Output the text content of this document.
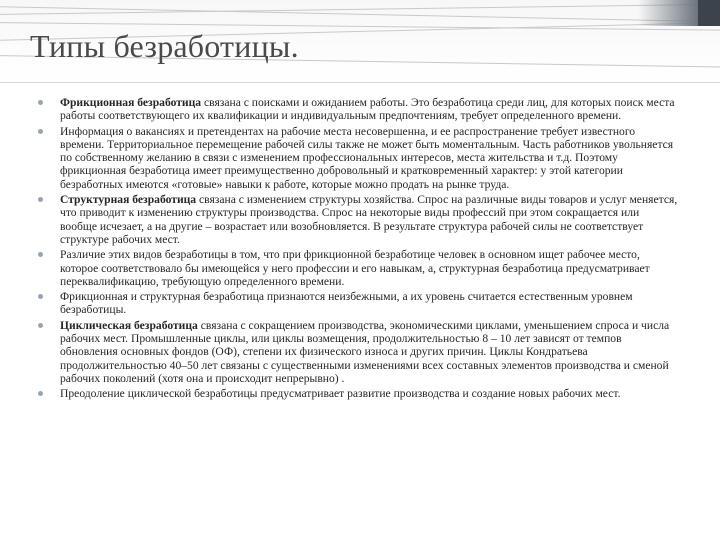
Типы безработицы.
Фрикционная безработица связана с поисками и ожиданием работы. Это безработица среди лиц, для которых поиск места работы соответствующего их квалификации и индивидуальным предпочтениям, требует определенного времени.
Информация о вакансиях и претендентах на рабочие места несовершенна, и ее распространение требует известного времени. Территориальное перемещение рабочей силы также не может быть моментальным. Часть работников увольняется по собственному желанию в связи с изменением профессиональных интересов, места жительства и т.д. Поэтому фрикционная безработица имеет преимущественно добровольный и кратковременный характер: у этой категории безработных имеются «готовые» навыки к работе, которые можно продать на рынке труда.
Структурная безработица связана с изменением структуры хозяйства. Спрос на различные виды товаров и услуг меняется, что приводит к изменению структуры производства. Спрос на некоторые виды профессий при этом сокращается или вообще исчезает, а на другие – возрастает или возобновляется. В результате структура рабочей силы не соответствует структуре рабочих мест.
Различие этих видов безработицы в том, что при фрикционной безработице человек в основном ищет рабочее место, которое соответствовало бы имеющейся у него профессии и его навыкам, а, структурная безработица предусматривает переквалификацию, требующую определенного времени.
Фрикционная и структурная безработица признаются неизбежными, а их уровень считается естественным уровнем безработицы.
Циклическая безработица связана с сокращением производства, экономическими циклами, уменьшением спроса и числа рабочих мест. Промышленные циклы, или циклы возмещения, продолжительностью 8 – 10 лет зависят от темпов обновления основных фондов (ОФ), степени их физического износа и других причин. Циклы Кондратьева продолжительностью 40–50 лет связаны с существенными изменениями всех составных элементов производства и сменой рабочих поколений (хотя она и происходит непрерывно) .
Преодоление циклической безработицы предусматривает развитие производства и создание новых рабочих мест.
